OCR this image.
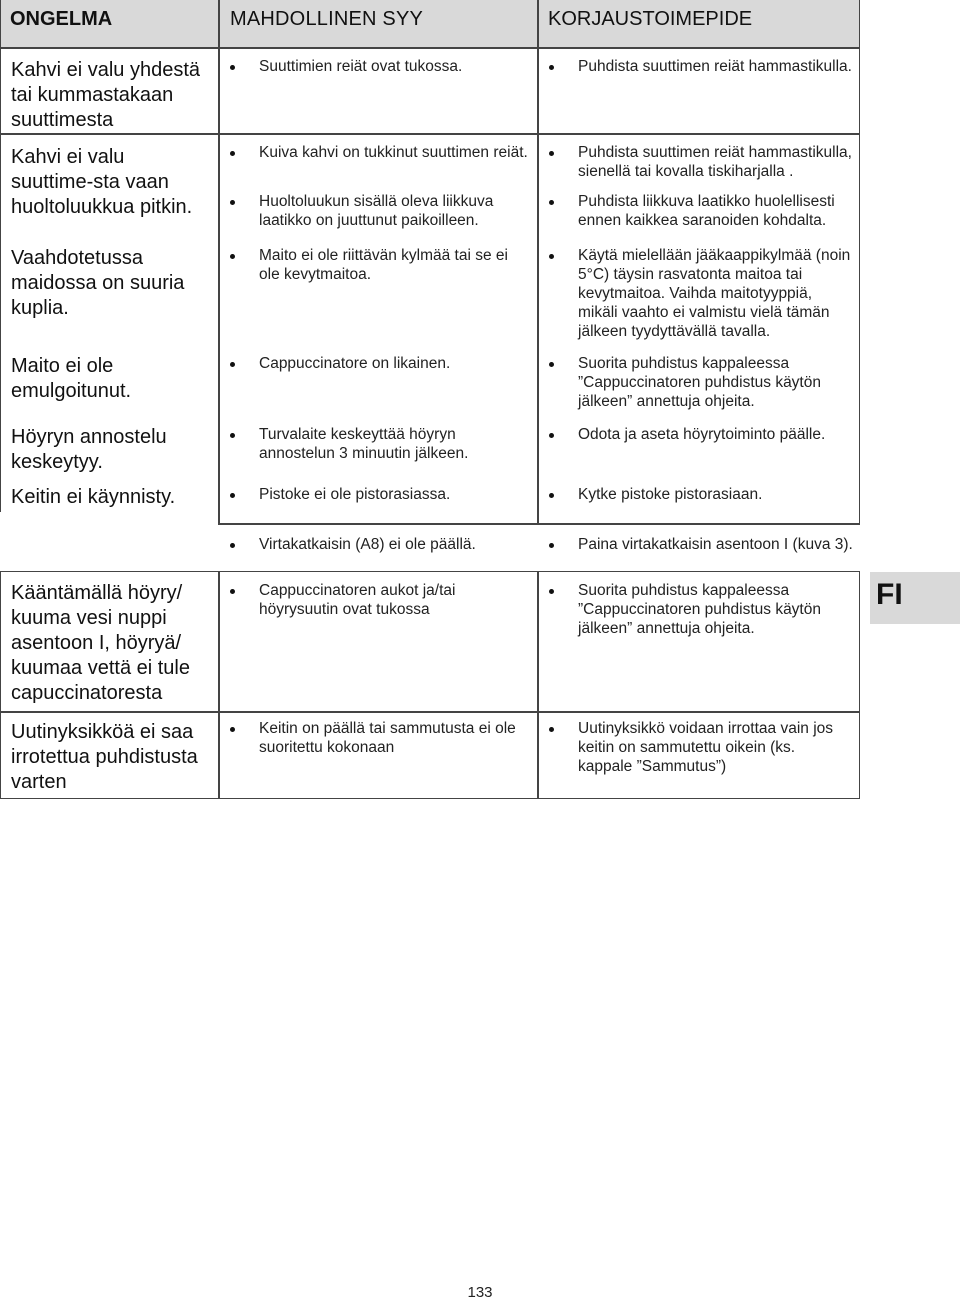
ONGELMA	MAHDOLLINEN SYY	KORJAUSTOIMEPIDE
Kahvi ei valu yhdestä tai kummastakaan suuttimesta
Kahvi ei valu suuttime-sta vaan huoltoluukkua pitkin.
Vaahdotetussa maidossa on suuria kuplia.
Maito ei ole emulgoitunut.
Höyryn annostelu keskeytyy.
Keitin ei käynnisty.
Suuttimien reiät ovat tukossa.
Kuiva kahvi on tukkinut suuttimen reiät.
Huoltoluukun sisällä oleva liikkuva laatikko on juuttunut paikoilleen.
Maito ei ole riittävän kylmää tai se ei ole kevytmaitoa.
Cappuccinatore on likainen.
Turvalaite keskeyttää höyryn annostelun 3 minuutin jälkeen.
Pistoke ei ole pistorasiassa.
Virtakatkaisin (A8) ei ole päällä.
Puhdista suuttimen reiät hammastikulla.
Puhdista suuttimen reiät hammastikulla, sienellä tai kovalla tiskiharjalla .
Puhdista liikkuva laatikko huolellisesti ennen kaikkea saranoiden kohdalta.
Käytä mielellään jääkaappikylmää (noin 5°C) täysin rasvatonta maitoa tai kevytmaitoa. Vaihda maitotyyppiä, mikäli vaahto ei valmistu vielä tämän jälkeen tyydyttävällä tavalla.
Suorita puhdistus kappaleessa ”Cappuccinatoren puhdistus käytön jälkeen” annettuja ohjeita.
Odota ja aseta höyrytoiminto päälle.
Kytke pistoke pistorasiaan.
Paina virtakatkaisin asentoon I (kuva 3).
Kääntämällä höyry/ kuuma vesi nuppi asentoon I, höyryä/ kuumaa vettä ei tule capuccinatoresta
Uutinyksikköä ei saa irrotettua puhdistusta varten
Cappuccinatoren aukot ja/tai höyrysuutin ovat tukossa
Keitin on päällä tai sammutusta ei ole suoritettu kokonaan
Suorita puhdistus kappaleessa ”Cappuccinatoren puhdistus käytön jälkeen” annettuja ohjeita.
Uutinyksikkö voidaan irrottaa vain jos keitin on sammutettu oikein (ks. kappale ”Sammutus”)
FI
133
